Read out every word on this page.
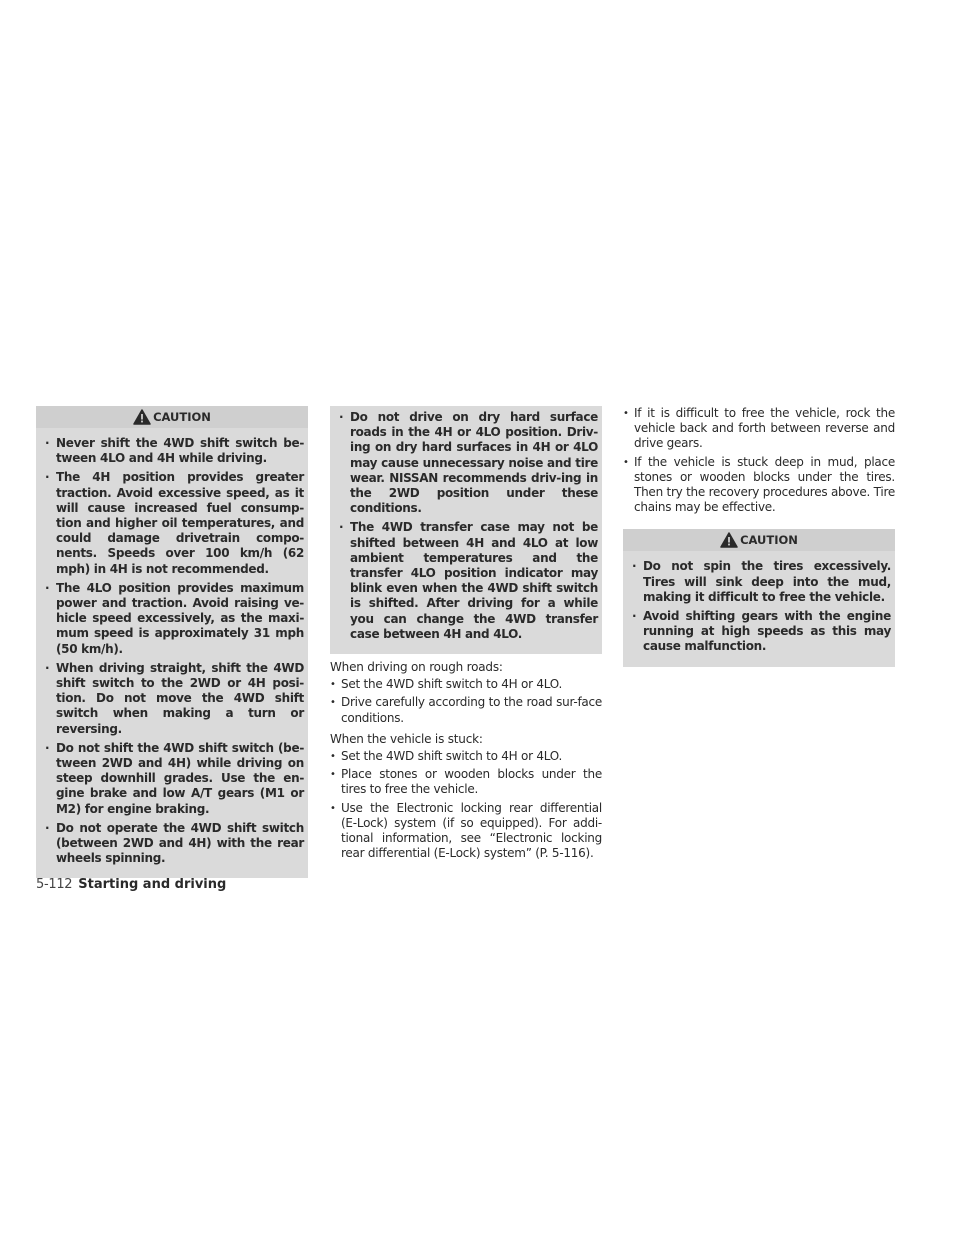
CAUTION
· Never shift the 4WD shift switch be-tween 4LO and 4H while driving.
· The 4H position provides greater traction. Avoid excessive speed, as it will cause increased fuel consump-tion and higher oil temperatures, and could damage drivetrain compo-nents. Speeds over 100 km/h (62 mph) in 4H is not recommended.
· The 4LO position provides maximum power and traction. Avoid raising ve-hicle speed excessively, as the maxi-mum speed is approximately 31 mph (50 km/h).
· When driving straight, shift the 4WD shift switch to the 2WD or 4H posi-tion. Do not move the 4WD shift switch when making a turn or reversing.
· Do not shift the 4WD shift switch (be-tween 2WD and 4H) while driving on steep downhill grades. Use the en-gine brake and low A/T gears (M1 or M2) for engine braking.
· Do not operate the 4WD shift switch (between 2WD and 4H) with the rear wheels spinning.
· Do not drive on dry hard surface roads in the 4H or 4LO position. Driv-ing on dry hard surfaces in 4H or 4LO may cause unnecessary noise and tire wear. NISSAN recommends driv-ing in the 2WD position under these conditions.
· The 4WD transfer case may not be shifted between 4H and 4LO at low ambient temperatures and the transfer 4LO position indicator may blink even when the 4WD shift switch is shifted. After driving for a while you can change the 4WD transfer case between 4H and 4LO.
When driving on rough roads:
• Set the 4WD shift switch to 4H or 4LO.
• Drive carefully according to the road sur-face conditions.
When the vehicle is stuck:
• Set the 4WD shift switch to 4H or 4LO.
• Place stones or wooden blocks under the tires to free the vehicle.
• Use the Electronic locking rear differential (E-Lock) system (if so equipped). For addi-tional information, see “Electronic locking rear differential (E-Lock) system” (P. 5-116).
• If it is difficult to free the vehicle, rock the vehicle back and forth between reverse and drive gears.
• If the vehicle is stuck deep in mud, place stones or wooden blocks under the tires. Then try the recovery procedures above. Tire chains may be effective.
CAUTION
· Do not spin the tires excessively. Tires will sink deep into the mud, making it difficult to free the vehicle.
· Avoid shifting gears with the engine running at high speeds as this may cause malfunction.
5-112 Starting and driving
